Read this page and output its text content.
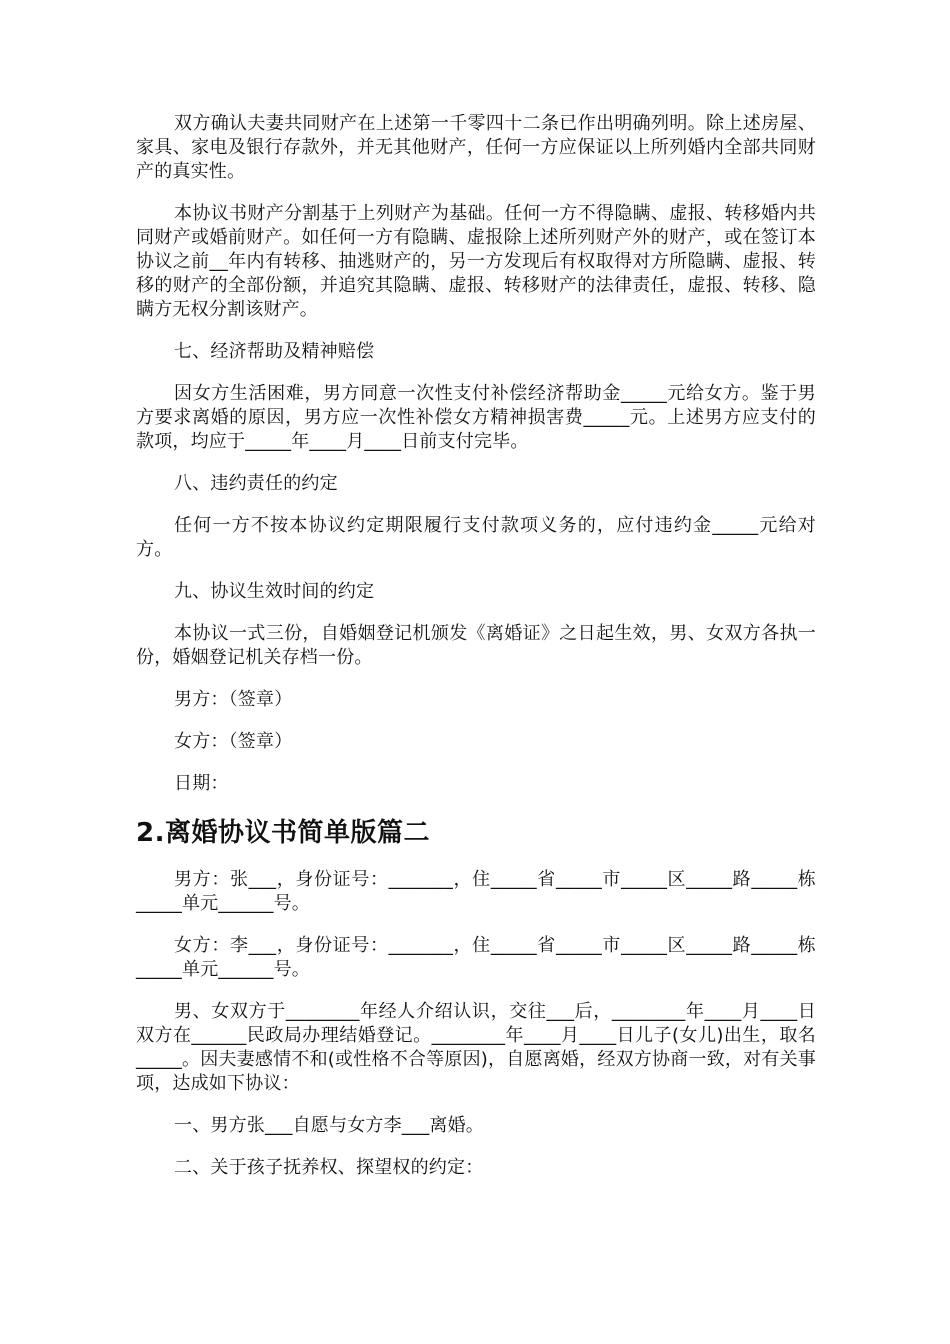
双方确认夫妻共同财产在上述第一千零四十二条已作出明确列明。除上述房屋、家具、家电及银行存款外，并无其他财产，任何一方应保证以上所列婚内全部共同财产的真实性。

本协议书财产分割基于上列财产为基础。任何一方不得隐瞒、虚报、转移婚内共同财产或婚前财产。如任何一方有隐瞒、虚报除上述所列财产外的财产，或在签订本协议之前__年内有转移、抽逃财产的，另一方发现后有权取得对方所隐瞒、虚报、转移的财产的全部份额，并追究其隐瞒、虚报、转移财产的法律责任，虚报、转移、隐瞒方无权分割该财产。

七、经济帮助及精神赔偿

因女方生活困难，男方同意一次性支付补偿经济帮助金_____元给女方。鉴于男方要求离婚的原因，男方应一次性补偿女方精神损害费_____元。上述男方应支付的款项，均应于_____年____月____日前支付完毕。

八、违约责任的约定

任何一方不按本协议约定期限履行支付款项义务的，应付违约金_____元给对方。

九、协议生效时间的约定

本协议一式三份，自婚姻登记机颁发《离婚证》之日起生效，男、女双方各执一份，婚姻登记机关存档一份。

男方：（签章）

女方：（签章）

日期：

2.离婚协议书简单版篇二

男方：张___，身份证号：_______，住_____省_____市_____区_____路_____栋_____单元______号。

女方：李___，身份证号：_______，住_____省_____市_____区_____路_____栋_____单元______号。

男、女双方于________年经人介绍认识，交往___后，________年____月____日双方在______民政局办理结婚登记。________年____月____日儿子(女儿)出生，取名_____。因夫妻感情不和(或性格不合等原因)，自愿离婚，经双方协商一致，对有关事项，达成如下协议：

一、男方张___自愿与女方李___离婚。

二、关于孩子抚养权、探望权的约定：
